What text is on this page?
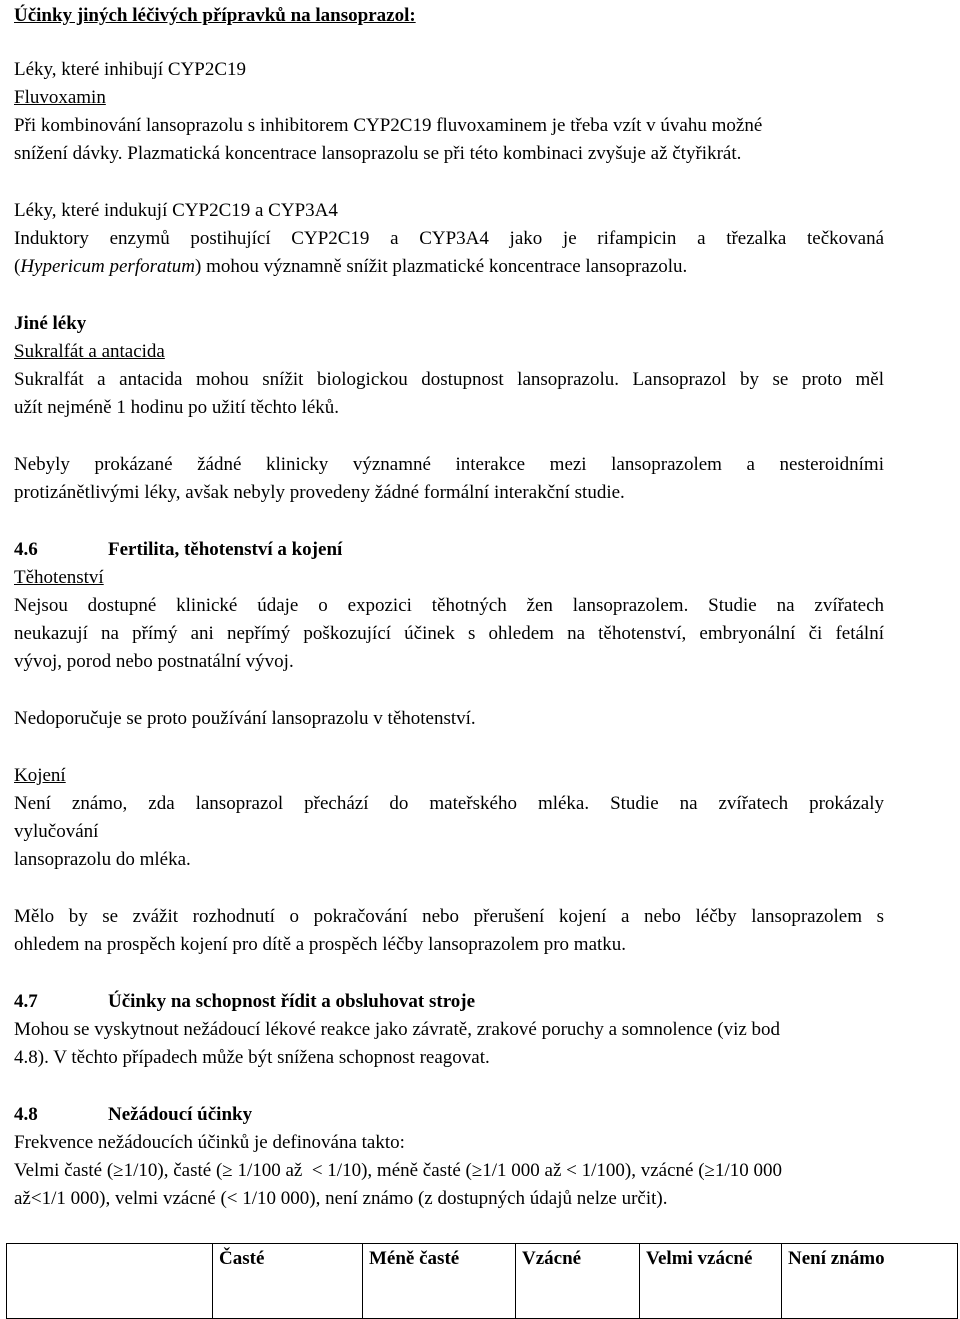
Účinky jiných léčivých přípravků na lansoprazol:
Léky, které inhibují CYP2C19
Fluvoxamin
Při kombinování lansoprazolu s inhibitorem CYP2C19 fluvoxaminem je třeba vzít v úvahu možné
snížení dávky. Plazmatická koncentrace lansoprazolu se při této kombinaci zvyšuje až čtyřikrát.
Léky, které indukují CYP2C19 a CYP3A4
Induktory enzymů postihující CYP2C19 a CYP3A4 jako je rifampicin a třezalka tečkovaná
(Hypericum perforatum) mohou významně snížit plazmatické koncentrace lansoprazolu.
Jiné léky
Sukralfát a antacida
Sukralfát a antacida mohou snížit biologickou dostupnost lansoprazolu. Lansoprazol by se proto měl
užít nejméně 1 hodinu po užití těchto léků.
Nebyly prokázané žádné klinicky významné interakce mezi lansoprazolem a nesteroidními
protizánětlivými léky, avšak nebyly provedeny žádné formální interakční studie.
4.6	Fertilita, těhotenství a kojení
Těhotenství
Nejsou dostupné klinické údaje o expozici těhotných žen lansoprazolem. Studie na zvířatech
neukazují na přímý ani nepřímý poškozující účinek s ohledem na těhotenství, embryonální či fetální
vývoj, porod nebo postnatální vývoj.
Nedoporučuje se proto používání lansoprazolu v těhotenství.
Kojení
Není známo, zda lansoprazol přechází do mateřského mléka. Studie na zvířatech prokázaly
vylučování
lansoprazolu do mléka.
Mělo by se zvážit rozhodnutí o pokračování nebo přerušení kojení a nebo léčby lansoprazolem s
ohledem na prospěch kojení pro dítě a prospěch léčby lansoprazolem pro matku.
4.7	Účinky na schopnost řídit a obsluhovat stroje
Mohou se vyskytnout nežádoucí lékové reakce jako závratě, zrakové poruchy a somnolence (viz bod
4.8). V těchto případech může být snížena schopnost reagovat.
4.8	Nežádoucí účinky
Frekvence nežádoucích účinků je definována takto:
Velmi časté (≥1/10), časté (≥ 1/100 až  < 1/10), méně časté (≥1/1 000 až < 1/100), vzácné (≥1/10 000
až<1/1 000), velmi vzácné (< 1/10 000), není známo (z dostupných údajů nelze určit).
	Časté	Méně časté	Vzácné	Velmi vzácné	Není známo
